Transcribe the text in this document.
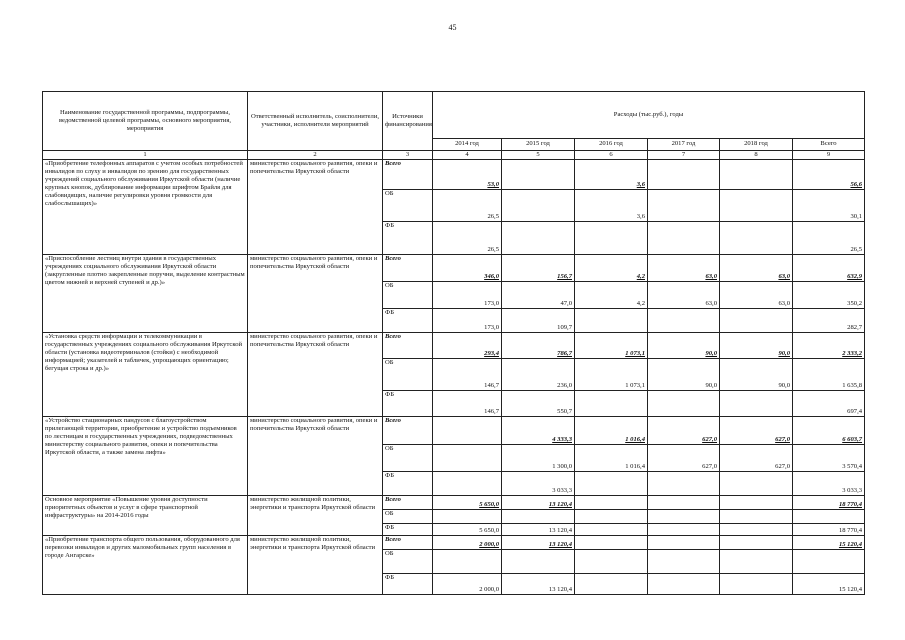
45
Наименование государственной программы, подпрограммы, ведомственной целевой программы, основного мероприятия, мероприятия	Ответственный исполнитель, соисполнители, участники, исполнители мероприятий	Источники финансирования	Расходы (тыс.руб.), годы					
			2014 год	2015 год	2016 год	2017 год	2018 год	Всего
1	2	3	4	5	6	7	8	9
«Приобретение телефонных аппаратов с учетом особых потребностей инвалидов по слуху и инвалидов по зрению для государственных учреждений социального обслуживания Иркутской области (наличие крупных кнопок, дублирование информации шрифтом Брайля для слабовидящих, наличие регулировки уровня громкости для слабослышащих)»	министерство социального развития, опеки и попечительства Иркутской области	Всего	53,0		3,6			56,6
		ОБ	26,5		3,6			30,1
		ФБ	26,5					26,5
«Приспособление лестниц внутри здания в государственных учреждениях социального обслуживания Иркутской области (закругленные плотно закрепленные поручни, выделение контрастным цветом нижней и верхней ступеней и др.)»	министерство социального развития, опеки и попечительства Иркутской области	Всего	346,0	156,7	4,2	63,0	63,0	632,9
		ОБ	173,0	47,0	4,2	63,0	63,0	350,2
		ФБ	173,0	109,7				282,7
«Установка средств информации и телекоммуникации в государственных учреждениях социального обслуживания Иркутской области (установка видеотерминалов (стойки) с необходимой информацией; указателей и табличек, упрощающих ориентацию; бегущая строка и др.)»	министерство социального развития, опеки и попечительства Иркутской области	Всего	293,4	786,7	1 073,1	90,0	90,0	2 333,2
		ОБ	146,7	236,0	1 073,1	90,0	90,0	1 635,8
		ФБ	146,7	550,7				697,4
«Устройство стационарных пандусов с благоустройством прилегающей территории, приобретение и устройство подъемников по лестницам в государственных учреждениях, подведомственных министерству социального развития, опеки и попечительства Иркутской области, а также замена лифта»	министерство социального развития, опеки и попечительства Иркутской области	Всего		4 333,3	1 016,4	627,0	627,0	6 603,7
		ОБ		1 300,0	1 016,4	627,0	627,0	3 570,4
		ФБ		3 033,3				3 033,3
Основное мероприятие «Повышение уровня доступности приоритетных объектов и услуг в сфере транспортной инфраструктуры» на 2014-2016 годы	министерство жилищной политики, энергетики и транспорта Иркутской области	Всего	5 650,0	13 120,4				18 770,4
		ОБ						
		ФБ	5 650,0	13 120,4				18 770,4
«Приобретение транспорта общего пользования, оборудованного для перевозки инвалидов и других маломобильных групп населения в городе Ангарске»	министерство жилищной политики, энергетики и транспорта Иркутской области	Всего	2 000,0	13 120,4				15 120,4
		ОБ						
		ФБ	2 000,0	13 120,4				15 120,4
